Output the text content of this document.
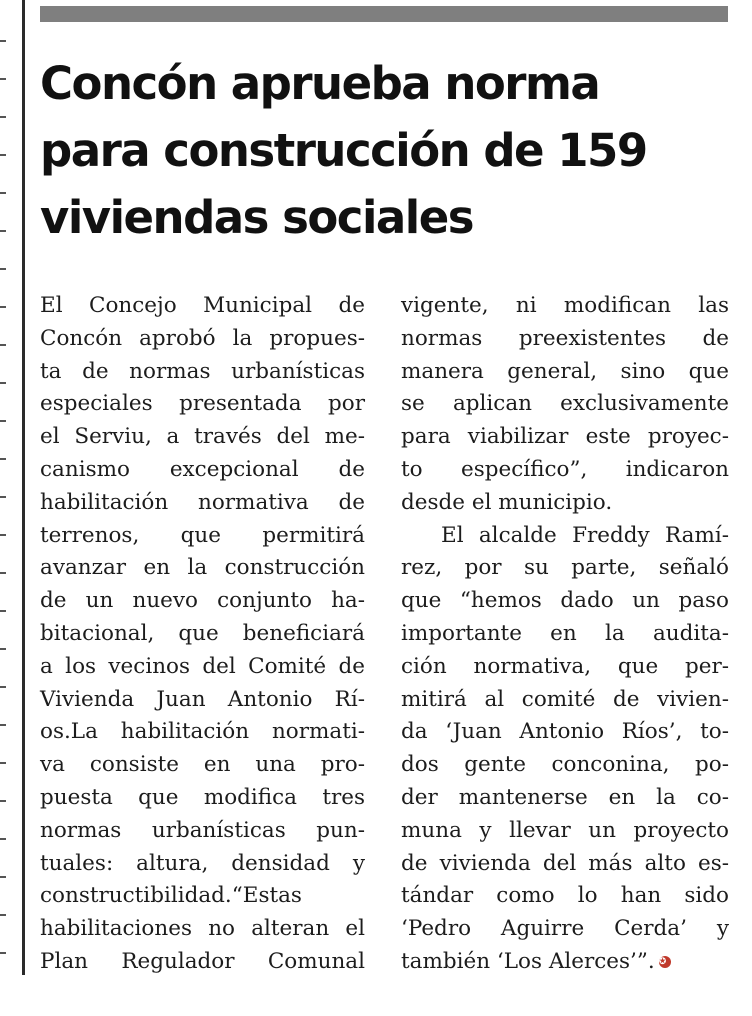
Concón aprueba norma
para construcción de 159
viviendas sociales
El Concejo Municipal de
Concón aprobó la propues-
ta de normas urbanísticas
especiales presentada por
el Serviu, a través del me-
canismo excepcional de
habilitación normativa de
terrenos, que permitirá
avanzar en la construcción
de un nuevo conjunto ha-
bitacional, que beneficiará
a los vecinos del Comité de
Vivienda Juan Antonio Rí-
os.La habilitación normati-
va consiste en una pro-
puesta que modifica tres
normas urbanísticas pun-
tuales: altura, densidad y
constructibilidad.“Estas
habilitaciones no alteran el
Plan Regulador Comunal
vigente, ni modifican las
normas preexistentes de
manera general, sino que
se aplican exclusivamente
para viabilizar este proyec-
to específico”, indicaron
desde el municipio.
El alcalde Freddy Ramí-
rez, por su parte, señaló
que “hemos dado un paso
importante en la audita-
ción normativa, que per-
mitirá al comité de vivien-
da ‘Juan Antonio Ríos’, to-
dos gente conconina, po-
der mantenerse en la co-
muna y llevar un proyecto
de vivienda del más alto es-
tándar como lo han sido
‘Pedro Aguirre Cerda’ y
también ‘Los Alerces’”. ✪
